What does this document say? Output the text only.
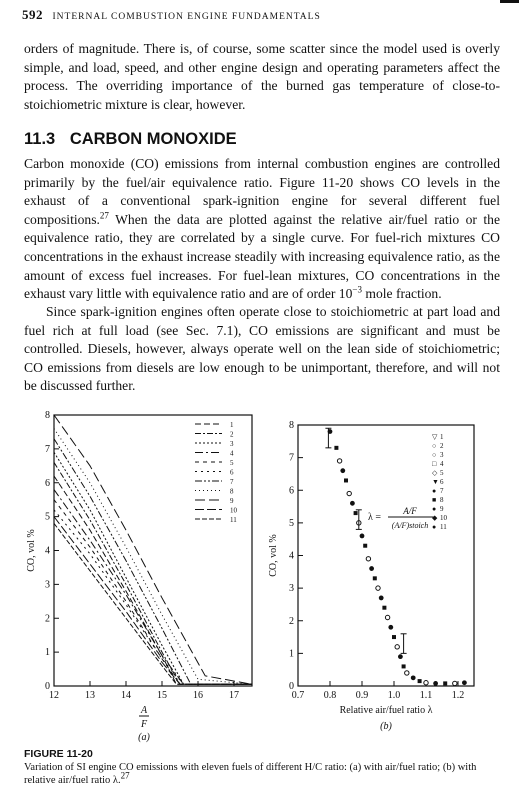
592 INTERNAL COMBUSTION ENGINE FUNDAMENTALS
orders of magnitude. There is, of course, some scatter since the model used is overly simple, and load, speed, and other engine design and operating parameters affect the process. The overriding importance of the burned gas temperature of close-to-stoichiometric mixture is clear, however.
11.3 CARBON MONOXIDE
Carbon monoxide (CO) emissions from internal combustion engines are controlled primarily by the fuel/air equivalence ratio. Figure 11-20 shows CO levels in the exhaust of a conventional spark-ignition engine for several different fuel compositions.$^{27}$ When the data are plotted against the relative air/fuel ratio or the equivalence ratio, they are correlated by a single curve. For fuel-rich mixtures CO concentrations in the exhaust increase steadily with increasing equivalence ratio, as the amount of excess fuel increases. For fuel-lean mixtures, CO concentrations in the exhaust vary little with equivalence ratio and are of order $10^{-3}$ mole fraction.
Since spark-ignition engines often operate close to stoichiometric at part load and fuel rich at full load (see Sec. 7.1), CO emissions are significant and must be controlled. Diesels, however, always operate well on the lean side of stoichiometric; CO emissions from diesels are low enough to be unimportant, therefore, and will not be discussed further.
12	13	14	15	16	17
0
1
2
3
4
5
6
7
8
CO, vol %
A
F
(a)
1
2
3
4
5
6
7
8
9
10
11
0.7 0.8 0.9 1.0 1.1 1.2
0
1
2
3
4
5
6
7
8
CO, vol %
Relative air/fuel ratio λ
(b)
▽ 1
○ 2
○ 3
□ 4
◇ 5
▼ 6
● 7
■ 8
● 9
◆ 10
● 11
λ =
A/F
(A/F)stoich
FIGURE 11-20
Variation of SI engine CO emissions with eleven fuels of different H/C ratio: (a) with air/fuel ratio; (b) with relative air/fuel ratio λ.$^{27}$
